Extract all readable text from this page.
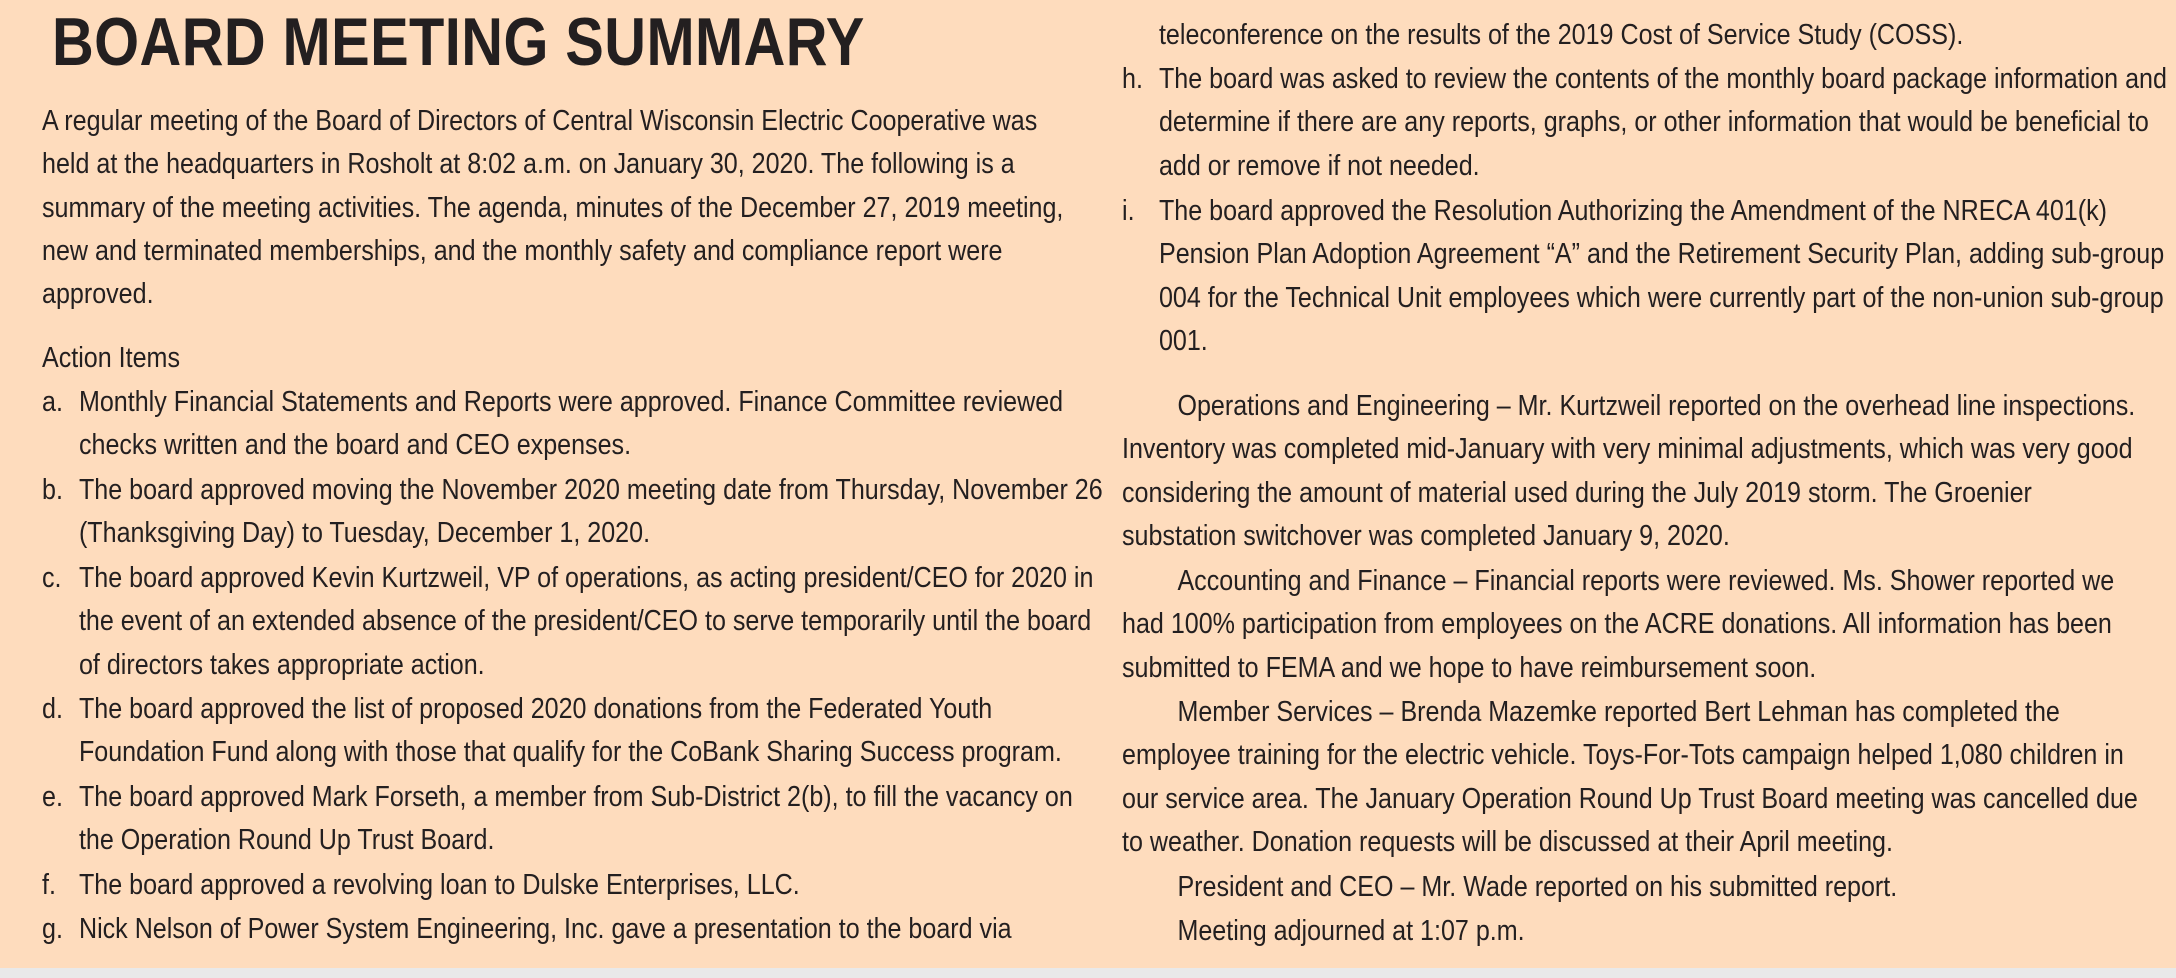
BOARD MEETING SUMMARY

A regular meeting of the Board of Directors of Central Wisconsin Electric Cooperative was held at the headquarters in Rosholt at 8:02 a.m. on January 30, 2020. The following is a summary of the meeting activities. The agenda, minutes of the December 27, 2019 meeting, new and terminated memberships, and the monthly safety and compliance report were approved.

Action Items

a. Monthly Financial Statements and Reports were approved. Finance Committee reviewed checks written and the board and CEO expenses.
b. The board approved moving the November 2020 meeting date from Thursday, November 26 (Thanksgiving Day) to Tuesday, December 1, 2020.
c. The board approved Kevin Kurtzweil, VP of operations, as acting president/CEO for 2020 in the event of an extended absence of the president/CEO to serve temporarily until the board of directors takes appropriate action.
d. The board approved the list of proposed 2020 donations from the Federated Youth Foundation Fund along with those that qualify for the CoBank Sharing Success program.
e. The board approved Mark Forseth, a member from Sub-District 2(b), to fill the vacancy on the Operation Round Up Trust Board.
f. The board approved a revolving loan to Dulske Enterprises, LLC.
g. Nick Nelson of Power System Engineering, Inc. gave a presentation to the board via
teleconference on the results of the 2019 Cost of Service Study (COSS).
h. The board was asked to review the contents of the monthly board package information and determine if there are any reports, graphs, or other information that would be beneficial to add or remove if not needed.
i. The board approved the Resolution Authorizing the Amendment of the NRECA 401(k) Pension Plan Adoption Agreement “A” and the Retirement Security Plan, adding sub-group 004 for the Technical Unit employees which were currently part of the non-union sub-group 001.

Operations and Engineering – Mr. Kurtzweil reported on the overhead line inspections. Inventory was completed mid-January with very minimal adjustments, which was very good considering the amount of material used during the July 2019 storm. The Groenier substation switchover was completed January 9, 2020.

Accounting and Finance – Financial reports were reviewed. Ms. Shower reported we had 100% participation from employees on the ACRE donations. All information has been submitted to FEMA and we hope to have reimbursement soon.

Member Services – Brenda Mazemke reported Bert Lehman has completed the employee training for the electric vehicle. Toys-For-Tots campaign helped 1,080 children in our service area. The January Operation Round Up Trust Board meeting was cancelled due to weather. Donation requests will be discussed at their April meeting.

President and CEO – Mr. Wade reported on his submitted report.

Meeting adjourned at 1:07 p.m.
